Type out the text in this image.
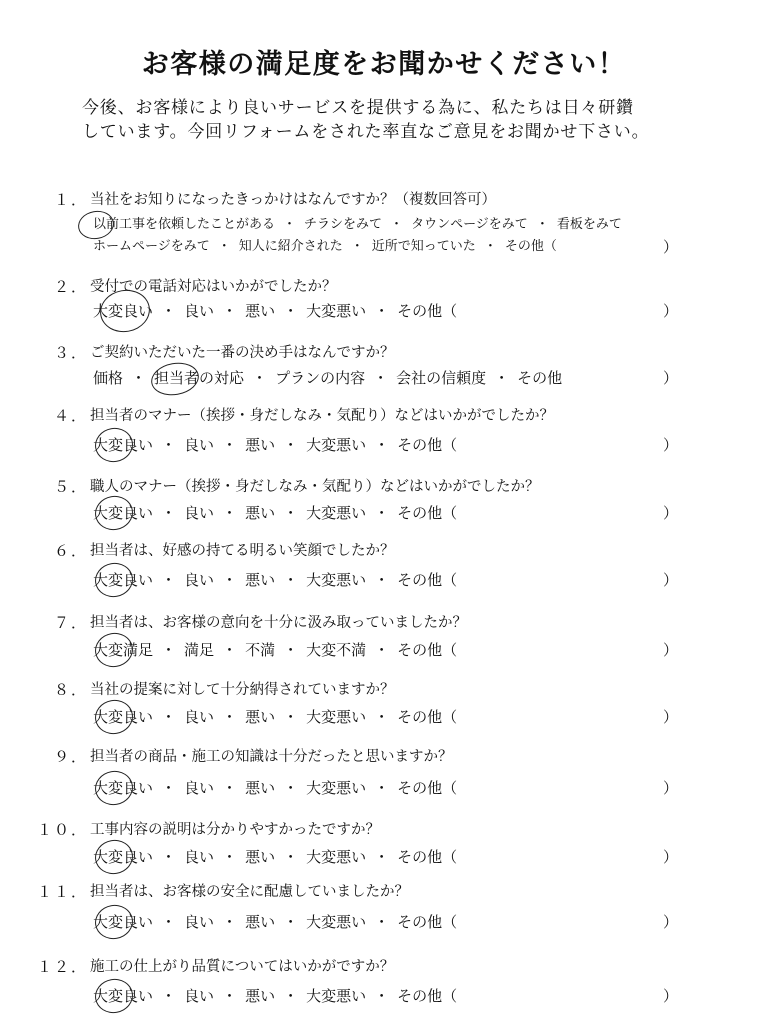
お客様の満足度をお聞かせください！

今後、お客様により良いサービスを提供する為に、私たちは日々研鑽

しています。今回リフォームをされた率直なご意見をお聞かせ下さい。

１． 当社をお知りになったきっかけはなんですか？（複数回答可）
以前工事を依頼したことがある ・ チラシをみて ・ タウンページをみて ・ 看板をみて
ホームページをみて ・ 知人に紹介された ・ 近所で知っていた ・ その他（	）
２． 受付での電話対応はいかがでしたか？
大変良い ・ 良い ・ 悪い ・ 大変悪い ・ その他（	）
３． ご契約いただいた一番の決め手はなんですか？
価格 ・ 担当者の対応 ・ プランの内容 ・ 会社の信頼度 ・ その他	）
４． 担当者のマナー（挨拶・身だしなみ・気配り）などはいかがでしたか？
大変良い ・ 良い ・ 悪い ・ 大変悪い ・ その他（	）
５． 職人のマナー（挨拶・身だしなみ・気配り）などはいかがでしたか？
大変良い ・ 良い ・ 悪い ・ 大変悪い ・ その他（	）
６． 担当者は、好感の持てる明るい笑顔でしたか？
大変良い ・ 良い ・ 悪い ・ 大変悪い ・ その他（	）
７． 担当者は、お客様の意向を十分に汲み取っていましたか？
大変満足 ・ 満足 ・ 不満 ・ 大変不満 ・ その他（	）
８． 当社の提案に対して十分納得されていますか？
大変良い ・ 良い ・ 悪い ・ 大変悪い ・ その他（	）
９． 担当者の商品・施工の知識は十分だったと思いますか？
大変良い ・ 良い ・ 悪い ・ 大変悪い ・ その他（	）
１０． 工事内容の説明は分かりやすかったですか？
大変良い ・ 良い ・ 悪い ・ 大変悪い ・ その他（	）
１１． 担当者は、お客様の安全に配慮していましたか？
大変良い ・ 良い ・ 悪い ・ 大変悪い ・ その他（	）
１２． 施工の仕上がり品質についてはいかがですか？
大変良い ・ 良い ・ 悪い ・ 大変悪い ・ その他（	）
